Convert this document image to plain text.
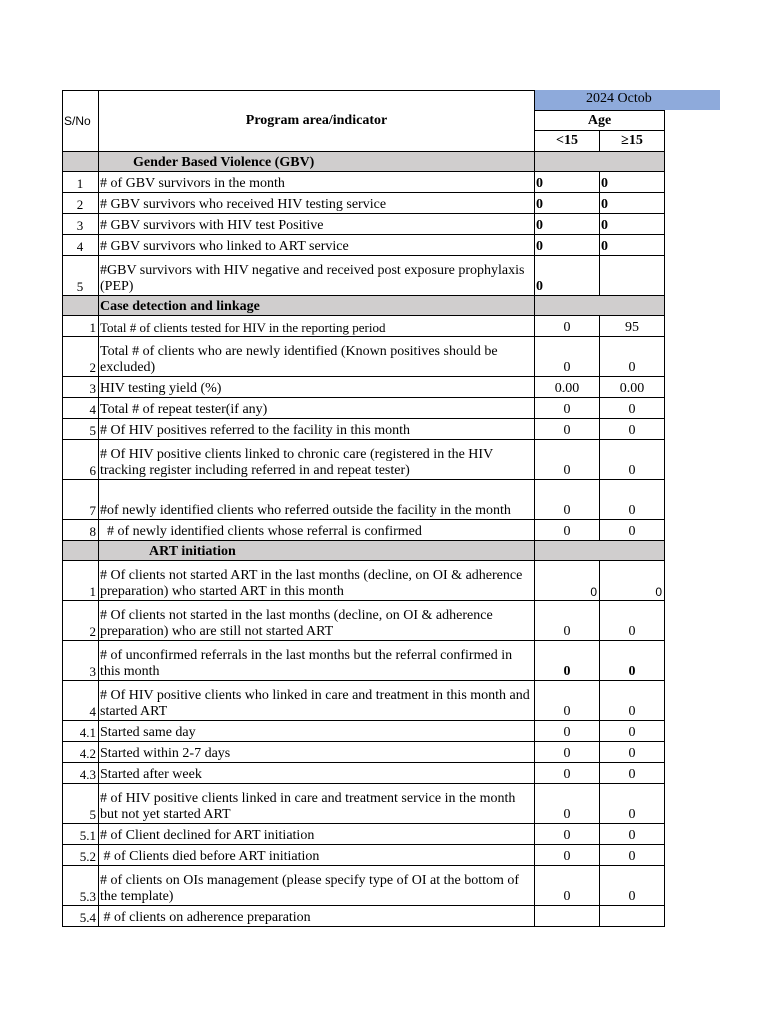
S/No	Program area/indicator	2024 Octob	

		Age	
		<15	≥15
	Gender Based Violence (GBV)		
1	# of GBV survivors in the month	0	0
2	# GBV survivors who received HIV testing service	0	0
3	# GBV survivors with HIV test Positive	0	0
4	# GBV survivors who linked to ART service	0	0
5	#GBV survivors with HIV negative and received post exposure prophylaxis (PEP)	0	
	Case detection and linkage		
1	Total # of clients tested for HIV in the reporting period	0	95
2	Total # of clients who are newly identified (Known positives should be excluded)	0	0
3	HIV testing yield (%)	0.00	0.00
4	Total # of repeat tester(if any)	0	0
5	# Of HIV positives referred to the facility in this month	0	0
6	# Of HIV positive clients linked to chronic care (registered in the HIV tracking register including referred in and repeat tester)	0	0
7	#of newly identified clients who referred outside the facility in the month	0	0
8	# of newly identified clients whose referral is confirmed	0	0
	ART initiation		
1	# Of clients not started ART in the last months (decline, on OI & adherence preparation) who started ART in this month	0	0
2	# Of clients not started in the last months (decline, on OI & adherence preparation) who are still not started ART	0	0
3	# of unconfirmed referrals in the last months but the referral confirmed in this month	0	0
4	# Of HIV positive clients who linked in care and treatment in this month and started ART	0	0
4.1	Started same day	0	0
4.2	Started within 2-7 days	0	0
4.3	Started after week	0	0
5	# of HIV positive clients linked in care and treatment service in the month but not yet started ART	0	0
5.1	# of Client declined for ART initiation	0	0
5.2	# of Clients died before ART initiation	0	0
5.3	# of clients on OIs management (please specify type of OI at the bottom of the template)	0	0
5.4	# of clients on adherence preparation		
